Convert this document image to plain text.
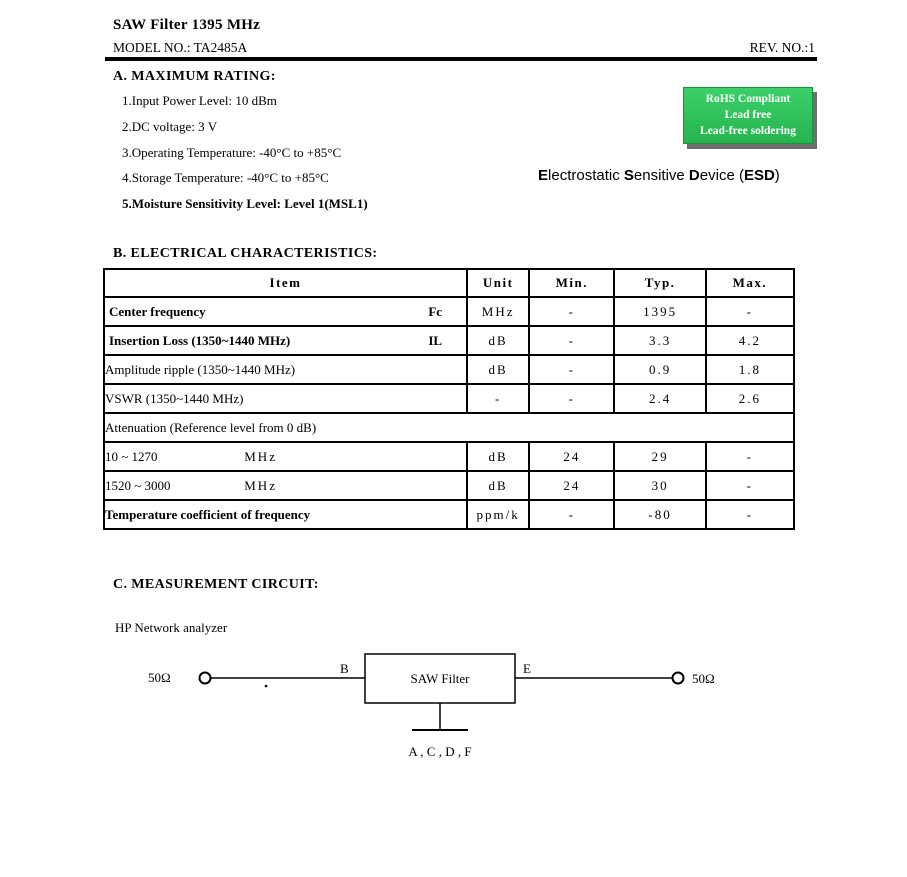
SAW Filter 1395 MHz
MODEL NO.: TA2485A	REV. NO.:1
A. MAXIMUM RATING:
1.Input Power Level: 10 dBm
2.DC voltage: 3 V
3.Operating Temperature: -40°C to +85°C
4.Storage Temperature: -40°C to +85°C
5.Moisture Sensitivity Level: Level 1(MSL1)
RoHS Compliant
Lead free
Lead-free soldering
Electrostatic Sensitive Device (ESD)
B. ELECTRICAL CHARACTERISTICS:
Item	Unit	Min.	Typ.	Max.

Center frequency Fc	MHz	-	1395	-

Insertion Loss (1350~1440 MHz) IL	dB	-	3.3	4.2
Amplitude ripple (1350~1440 MHz)	dB	-	0.9	1.8
VSWR (1350~1440 MHz)	-	-	2.4	2.6
Attenuation (Reference level from 0 dB)				
10 ~ 1270 MHz	dB	24	29	-
1520 ~ 3000 MHz	dB	24	30	-
Temperature coefficient of frequency	ppm/k	-	-80	-
C. MEASUREMENT CIRCUIT:
HP Network analyzer
50Ω
B
SAW Filter
E
50Ω
A , C , D , F
